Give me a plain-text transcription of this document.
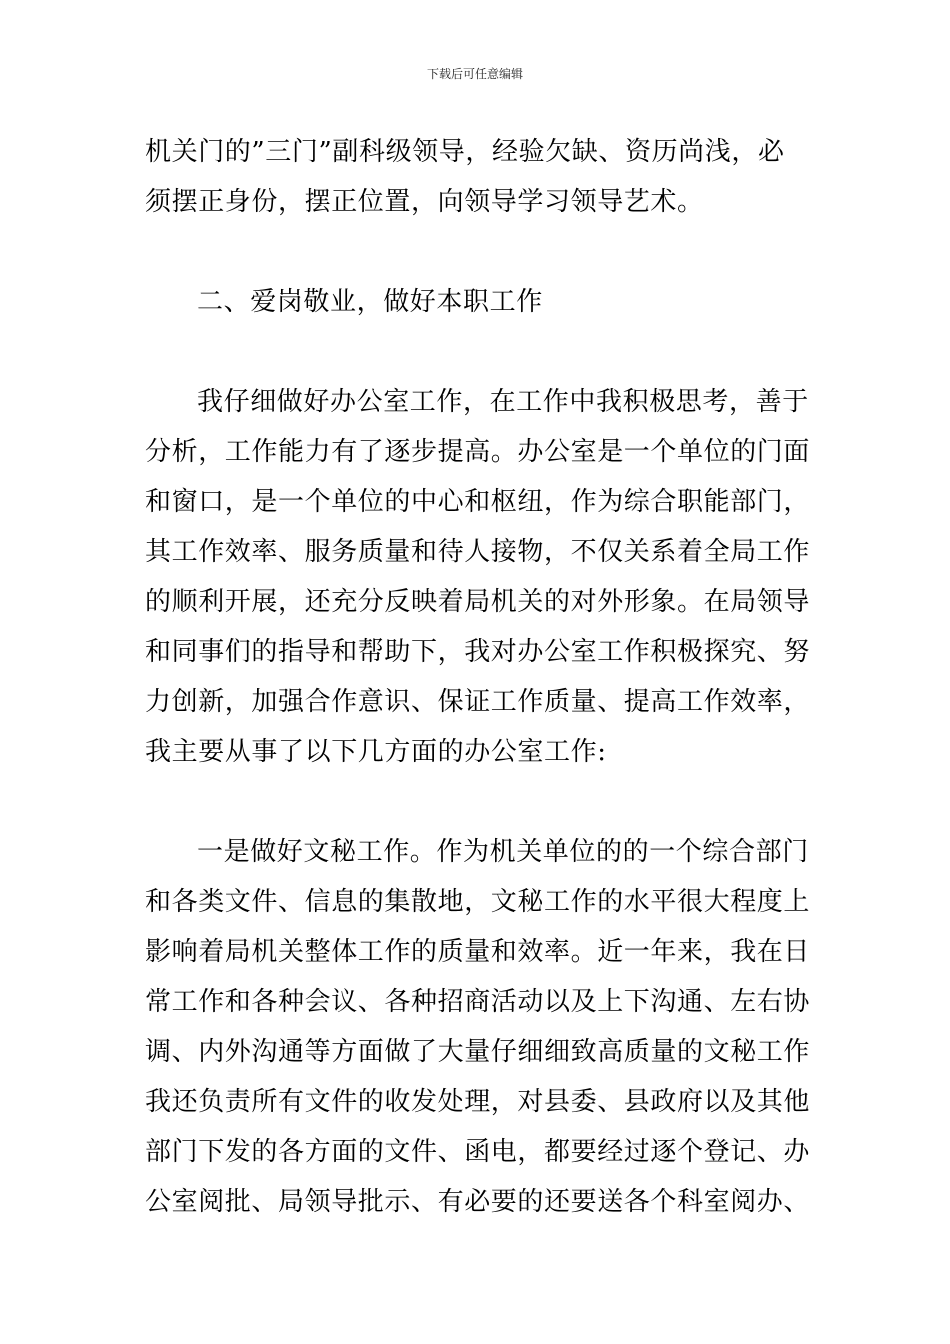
下载后可任意编辑
机关门的”三门”副科级领导，经验欠缺、资历尚浅，必
须摆正身份，摆正位置，向领导学习领导艺术。
二、爱岗敬业，做好本职工作
我仔细做好办公室工作，在工作中我积极思考，善于
分析，工作能力有了逐步提高。办公室是一个单位的门面
和窗口，是一个单位的中心和枢纽，作为综合职能部门，
其工作效率、服务质量和待人接物，不仅关系着全局工作
的顺利开展，还充分反映着局机关的对外形象。在局领导
和同事们的指导和帮助下，我对办公室工作积极探究、努
力创新，加强合作意识、保证工作质量、提高工作效率，
我主要从事了以下几方面的办公室工作:
一是做好文秘工作。作为机关单位的的一个综合部门
和各类文件、信息的集散地，文秘工作的水平很大程度上
影响着局机关整体工作的质量和效率。近一年来，我在日
常工作和各种会议、各种招商活动以及上下沟通、左右协
调、内外沟通等方面做了大量仔细细致高质量的文秘工作
我还负责所有文件的收发处理，对县委、县政府以及其他
部门下发的各方面的文件、函电，都要经过逐个登记、办
公室阅批、局领导批示、有必要的还要送各个科室阅办、
